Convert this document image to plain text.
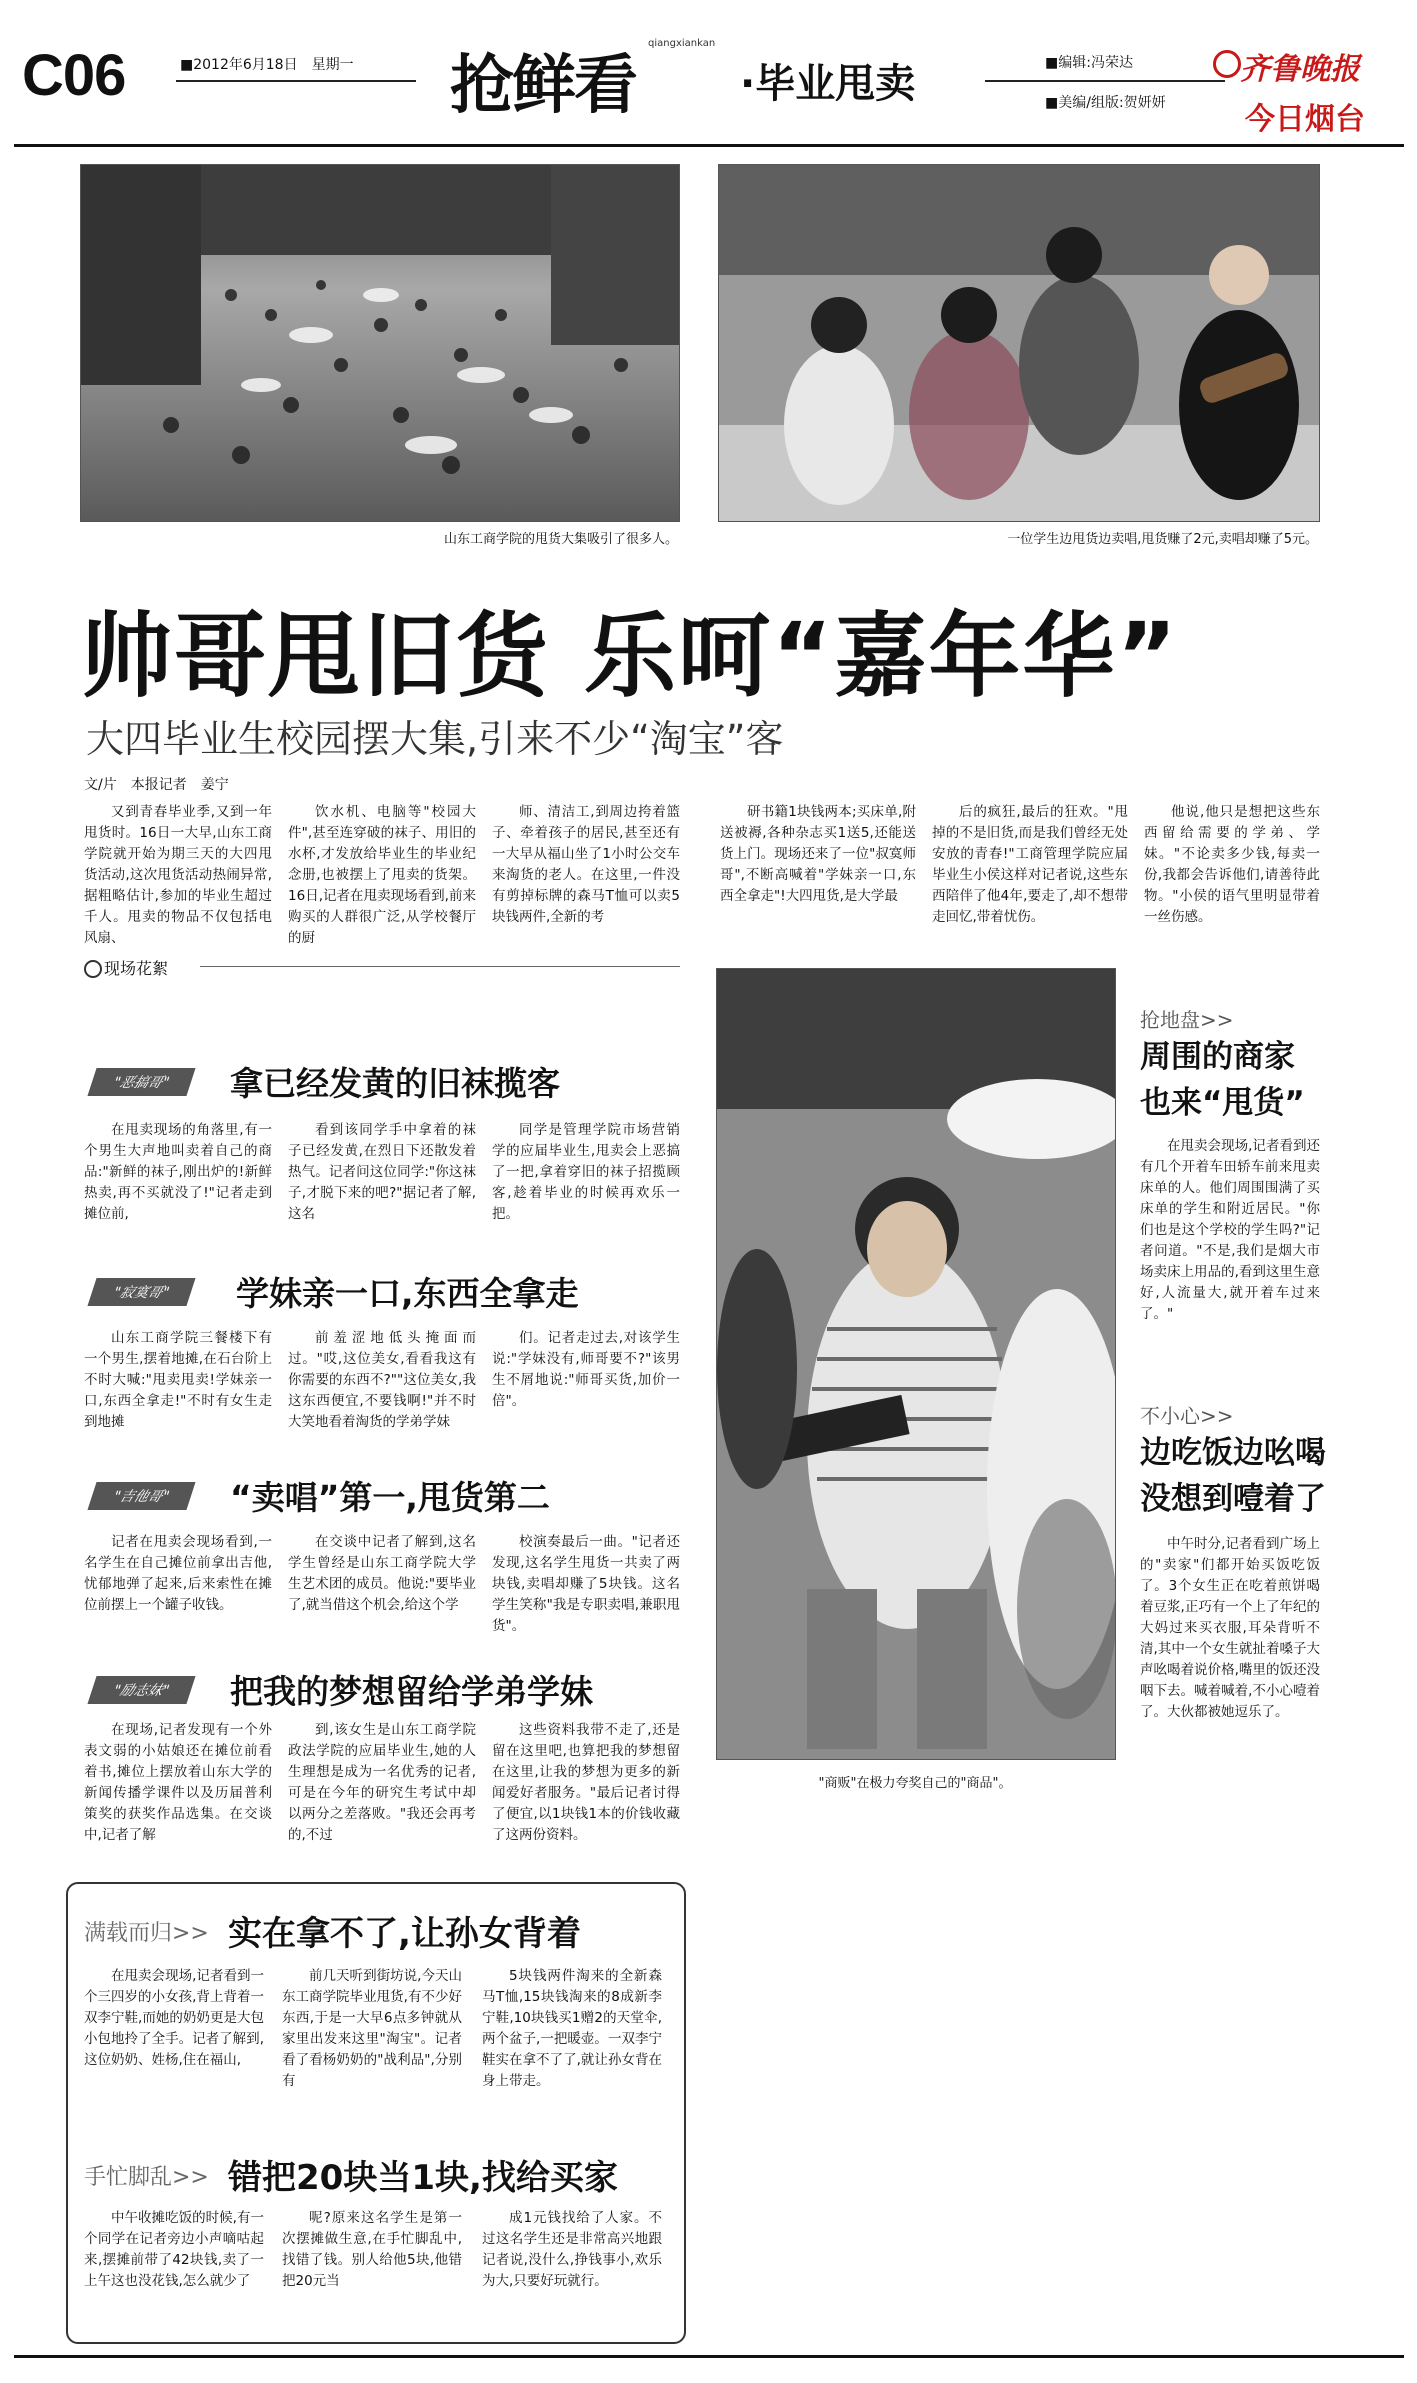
C06	■2012年6月18日　星期一 抢鲜看
qiangxiankan
·毕业甩卖	■编辑:冯荣达
■美编/组版:贺妍妍
齐鲁晚报
今日烟台
山东工商学院的甩货大集吸引了很多人。	一位学生边甩货边卖唱,甩货赚了2元,卖唱却赚了5元。
帅哥甩旧货 乐呵“嘉年华”
大四毕业生校园摆大集,引来不少“淘宝”客
文/片　本报记者　姜宁

又到青春毕业季,又到一年甩货时。16日一大早,山东工商学院就开始为期三天的大四甩货活动,这次甩货活动热闹异常,据粗略估计,参加的毕业生超过千人。甩卖的物品不仅包括电风扇、

饮水机、电脑等"校园大件",甚至连穿破的袜子、用旧的水杯,才发放给毕业生的毕业纪念册,也被摆上了甩卖的货架。16日,记者在甩卖现场看到,前来购买的人群很广泛,从学校餐厅的厨

师、清洁工,到周边挎着篮子、牵着孩子的居民,甚至还有一大早从福山坐了1小时公交车来淘货的老人。在这里,一件没有剪掉标牌的森马T恤可以卖5块钱两件,全新的考

研书籍1块钱两本;买床单,附送被褥,各种杂志买1送5,还能送货上门。现场还来了一位"叔寞师哥",不断高喊着"学妹亲一口,东西全拿走"!大四甩货,是大学最

后的疯狂,最后的狂欢。"甩掉的不是旧货,而是我们曾经无处安放的青春!"工商管理学院应届毕业生小侯这样对记者说,这些东西陪伴了他4年,要走了,却不想带走回忆,带着忧伤。

他说,他只是想把这些东西留给需要的学弟、学妹。"不论卖多少钱,每卖一份,我都会告诉他们,请善待此物。"小侯的语气里明显带着一丝伤感。

现场花絮
"恶搞哥"	拿已经发黄的旧袜揽客

在甩卖现场的角落里,有一个男生大声地叫卖着自己的商品:"新鲜的袜子,刚出炉的!新鲜热卖,再不买就没了!"记者走到摊位前,

看到该同学手中拿着的袜子已经发黄,在烈日下还散发着热气。记者问这位同学:"你这袜子,才脱下来的吧?"据记者了解,这名

同学是管理学院市场营销学的应届毕业生,甩卖会上恶搞了一把,拿着穿旧的袜子招揽顾客,趁着毕业的时候再欢乐一把。

"寂寞哥"	学妹亲一口,东西全拿走

山东工商学院三餐楼下有一个男生,摆着地摊,在石台阶上不时大喊:"甩卖甩卖!学妹亲一口,东西全拿走!"不时有女生走到地摊

前羞涩地低头掩面而过。"哎,这位美女,看看我这有你需要的东西不?""这位美女,我这东西便宜,不要钱啊!"并不时大笑地看着淘货的学弟学妹

们。记者走过去,对该学生说:"学妹没有,师哥要不?"该男生不屑地说:"师哥买货,加价一倍"。

"吉他哥"	“卖唱”第一,甩货第二

记者在甩卖会现场看到,一名学生在自己摊位前拿出吉他,忧郁地弹了起来,后来索性在摊位前摆上一个罐子收钱。

在交谈中记者了解到,这名学生曾经是山东工商学院大学生艺术团的成员。他说:"要毕业了,就当借这个机会,给这个学

校演奏最后一曲。"记者还发现,这名学生甩货一共卖了两块钱,卖唱却赚了5块钱。这名学生笑称"我是专职卖唱,兼职甩货"。

"励志妹"	把我的梦想留给学弟学妹

在现场,记者发现有一个外表文弱的小姑娘还在摊位前看着书,摊位上摆放着山东大学的新闻传播学课件以及历届普利策奖的获奖作品选集。在交谈中,记者了解

到,该女生是山东工商学院政法学院的应届毕业生,她的人生理想是成为一名优秀的记者,可是在今年的研究生考试中却以两分之差落败。"我还会再考的,不过

这些资料我带不走了,还是留在这里吧,也算把我的梦想留在这里,让我的梦想为更多的新闻爱好者服务。"最后记者讨得了便宜,以1块钱1本的价钱收藏了这两份资料。

"商贩"在极力夸奖自己的"商品"。
抢地盘>>
周围的商家也来“甩货”

在甩卖会现场,记者看到还有几个开着车田轿车前来甩卖床单的人。他们周围围满了买床单的学生和附近居民。"你们也是这个学校的学生吗?"记者问道。"不是,我们是烟大市场卖床上用品的,看到这里生意好,人流量大,就开着车过来了。"

不小心>>
边吃饭边吆喝没想到噎着了

中午时分,记者看到广场上的"卖家"们都开始买饭吃饭了。3个女生正在吃着煎饼喝着豆浆,正巧有一个上了年纪的大妈过来买衣服,耳朵背听不清,其中一个女生就扯着嗓子大声吆喝着说价格,嘴里的饭还没咽下去。喊着喊着,不小心噎着了。大伙都被她逗乐了。

满载而归>> 实在拿不了,让孙女背着

在甩卖会现场,记者看到一个三四岁的小女孩,背上背着一双李宁鞋,而她的奶奶更是大包小包地拎了全手。记者了解到,这位奶奶、姓杨,住在福山,

前几天听到街坊说,今天山东工商学院毕业甩货,有不少好东西,于是一大早6点多钟就从家里出发来这里"淘宝"。记者看了看杨奶奶的"战利品",分别有

5块钱两件淘来的全新森马T恤,15块钱淘来的8成新李宁鞋,10块钱买1赠2的天堂伞,两个盆子,一把暖壶。一双李宁鞋实在拿不了了,就让孙女背在身上带走。

手忙脚乱>> 错把20块当1块,找给买家

中午收摊吃饭的时候,有一个同学在记者旁边小声嘀咕起来,摆摊前带了42块钱,卖了一上午这也没花钱,怎么就少了

呢?原来这名学生是第一次摆摊做生意,在手忙脚乱中,找错了钱。别人给他5块,他错把20元当

成1元钱找给了人家。不过这名学生还是非常高兴地跟记者说,没什么,挣钱事小,欢乐为大,只要好玩就行。
